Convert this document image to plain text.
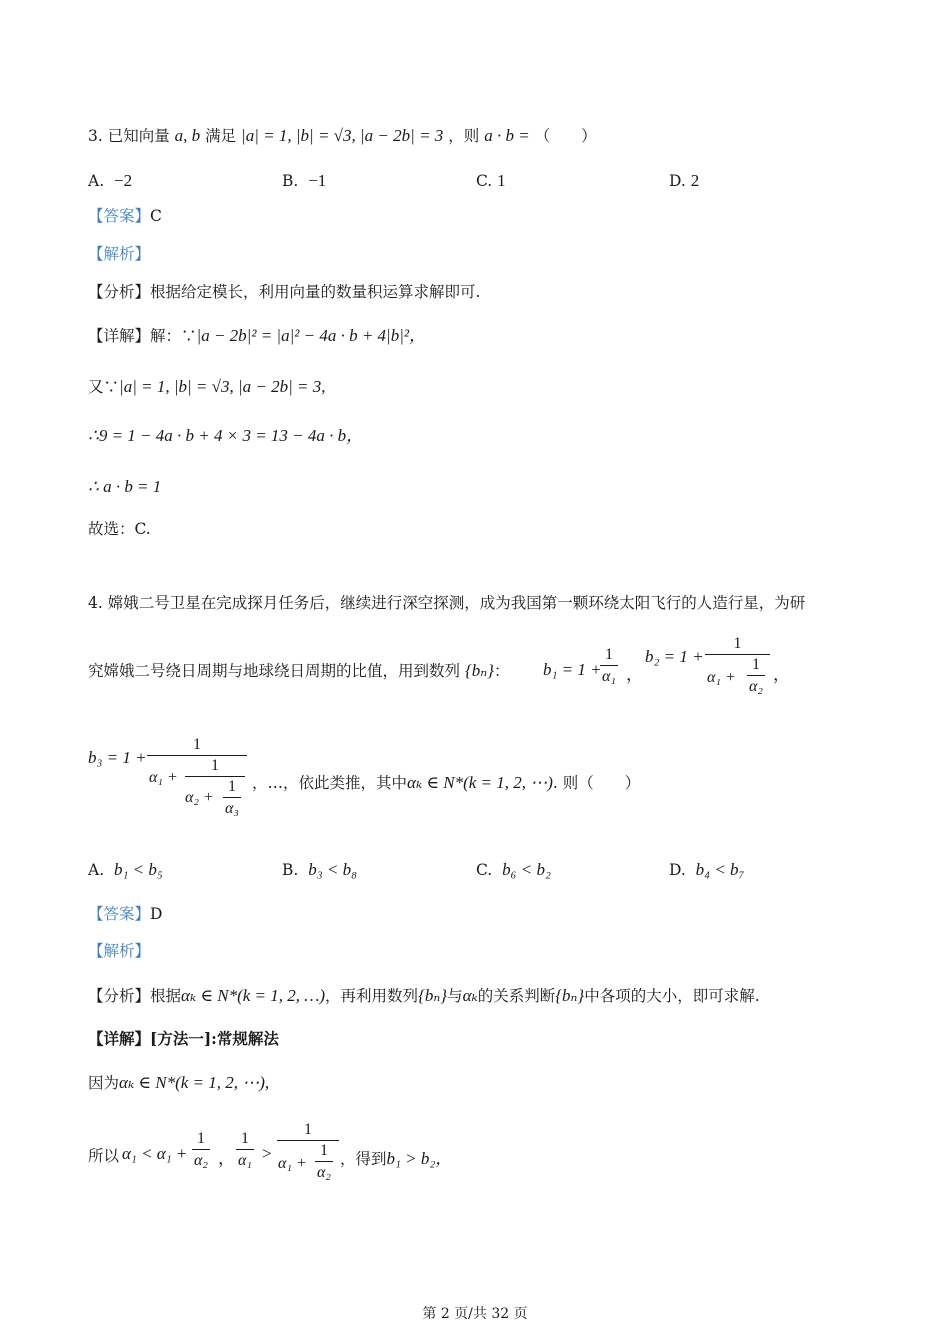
3. 已知向量 a, b 满足 |a| = 1, |b| = √3, |a − 2b| = 3 ，则 a · b = （　　）
A. −2	B. −1	C. 1	D. 2
【答案】C
【解析】
【分析】根据给定模长，利用向量的数量积运算求解即可.
【详解】解：∵|a − 2b|² = |a|² − 4a · b + 4|b|²，
又∵|a| = 1, |b| = √3, |a − 2b| = 3,
∴9 = 1 − 4a · b + 4 × 3 = 13 − 4a · b，
∴ a · b = 1
故选：C.
4. 嫦娥二号卫星在完成探月任务后，继续进行深空探测，成为我国第一颗环绕太阳飞行的人造行星，为研
究嫦娥二号绕日周期与地球绕日周期的比值，用到数列 {bₙ}： b₁ = 1 +
$\frac{1}{\text{α₁}}$ ，
b₂ = 1 +
1
$\alpha_1 + \frac{1}{\text{α₂}}$ ，
b₃ = 1 +
1
α₁ +
1
$\alpha_2 + \frac{1}{\text{α₃}}$ ，…，依此类推，其中αₖ ∈ N*(k = 1, 2, ⋯). 则（　　）
A. b₁ < b₅	B. b₃ < b₈	C. b₆ < b₂	D. b₄ < b₇
【答案】D
【解析】
【分析】根据αₖ ∈ N*(k = 1, 2, …)，再利用数列{bₙ}与αₖ的关系判断{bₙ}中各项的大小，即可求解.
【详解】[方法一]:常规解法
因为αₖ ∈ N*(k = 1, 2, ⋯),
所以 $\alpha_1 < \alpha_1 + \frac{1}{\text{α₂}}$ ， $\frac{1}{\text{α₁}}$ >
1
$\alpha_1 + \frac{1}{\text{α₂}}$ ，得到b₁ > b₂，
第 2 页/共 32 页
